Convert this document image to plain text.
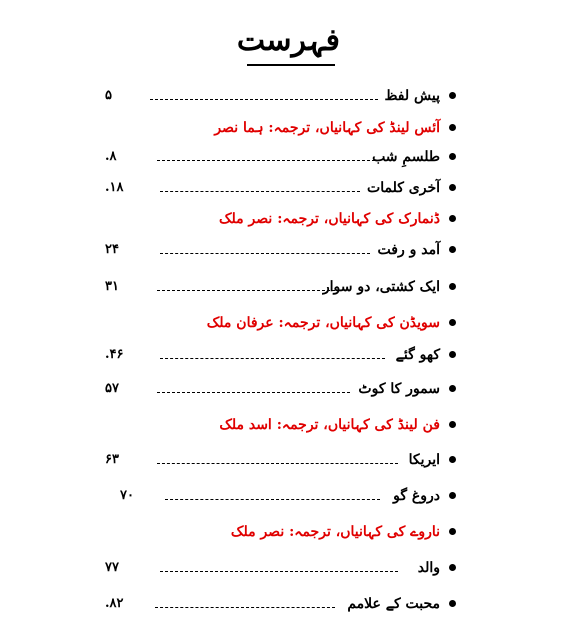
فہرست
پیش لفظ
۵
آئس لینڈ کی کہانیاں، ترجمہ: ہما نصر
طلسمِ شب
۸.
آخری کلمات
۱۸.
ڈنمارک کی کہانیاں، ترجمہ: نصر ملک
آمد و رفت
۲۴
ایک کشتی، دو سوار
۳۱
سویڈن کی کہانیاں، ترجمہ: عرفان ملک
کھو گئے
۴۶.
سمور کا کوٹ
۵۷
فن لینڈ کی کہانیاں، ترجمہ: اسد ملک
ایریکا
۶۳
دروغ گو
۷۰
ناروے کی کہانیاں، ترجمہ: نصر ملک
والد
۷۷
محبت کے علامم
۸۲.
